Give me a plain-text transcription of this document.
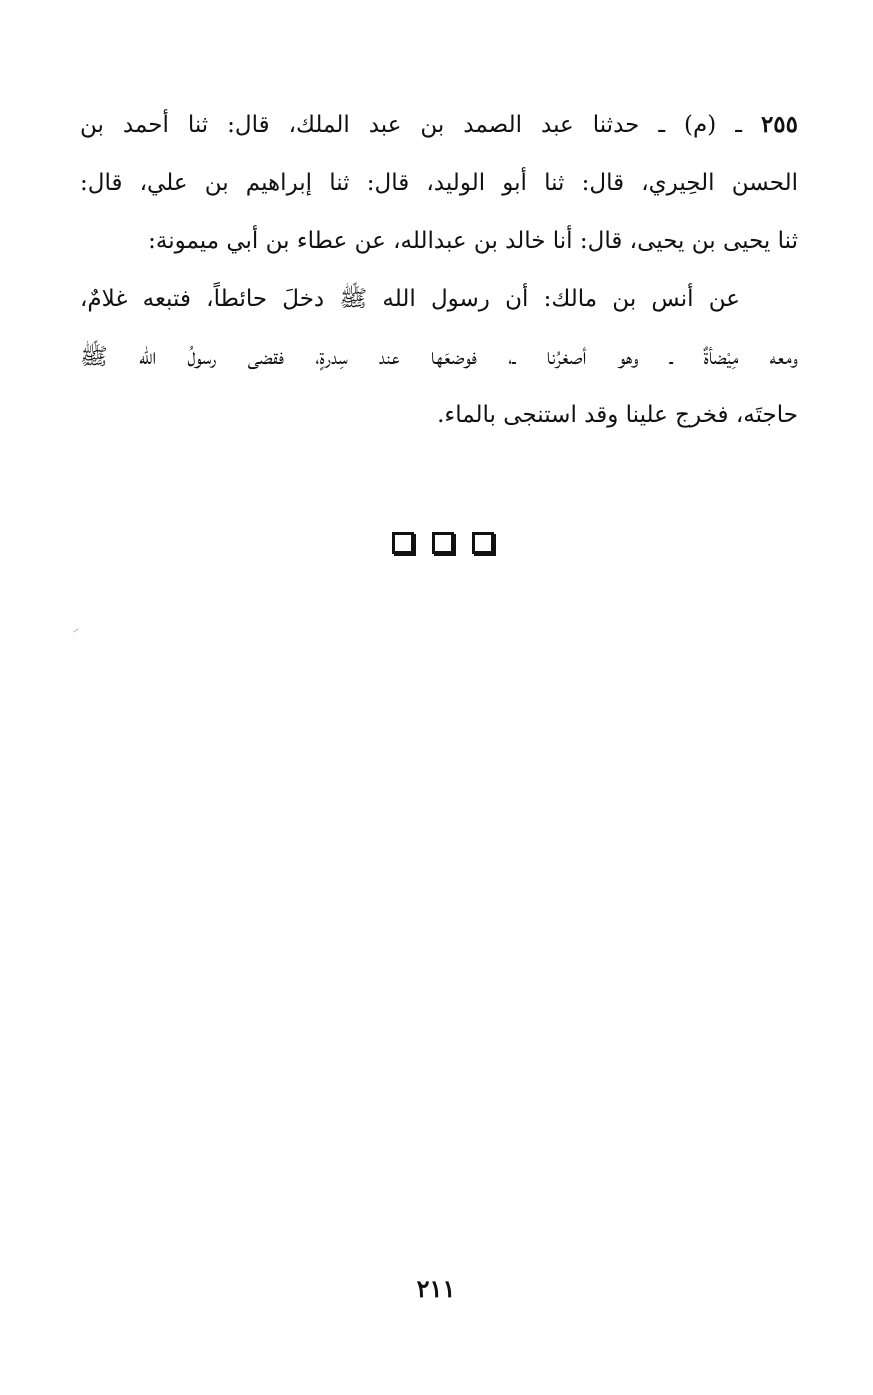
٢٥٥ ـ (م) ـ حدثنا عبد الصمد بن عبد الملك، قال: ثنا أحمد بن
الحسن الحِيري، قال: ثنا أبو الوليد، قال: ثنا إبراهيم بن علي، قال:
ثنا يحيى بن يحيى، قال: أنا خالد بن عبدالله، عن عطاء بن أبي ميمونة:
عن أنس بن مالك: أن رسول الله ﷺ دخلَ حائطاً، فتبعه غلامٌ،
ومعه مِيْضأةٌ ـ وهو أصغرُنا ـ، فوضعَها عند سِدرةٍ، فقضى رسولُ الله ﷺ
حاجتَه، فخرج علينا وقد استنجى بالماء.
٢١١
